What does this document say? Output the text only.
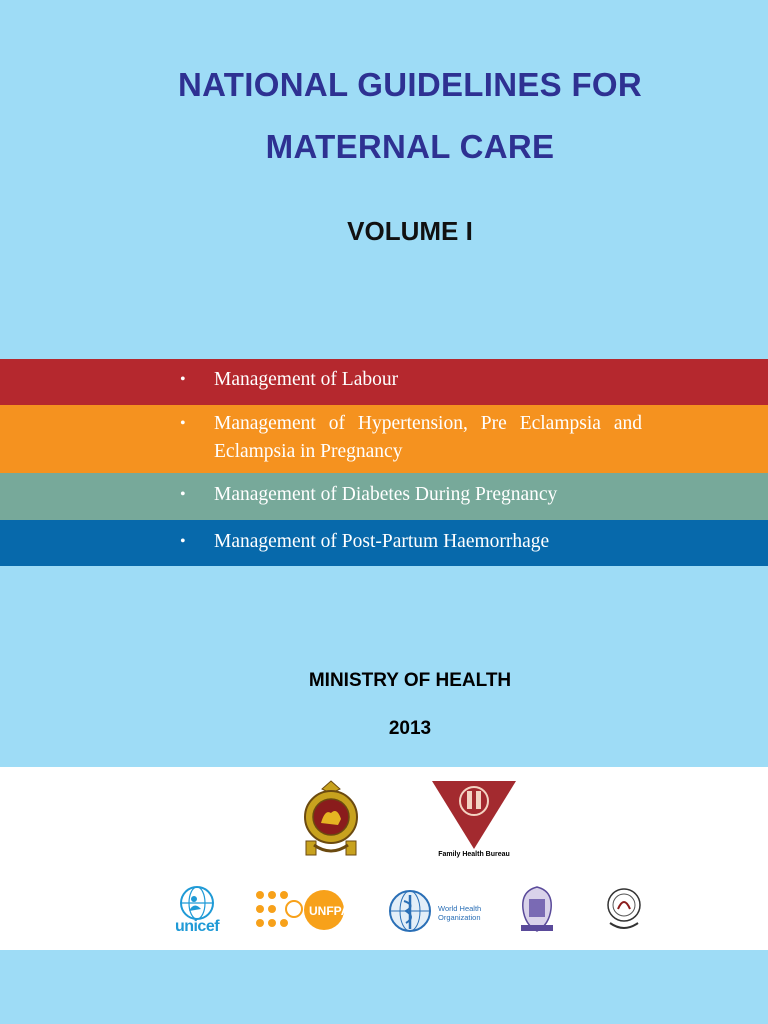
NATIONAL GUIDELINES FOR
MATERNAL CARE
VOLUME I
• Management of Labour
• Management of Hypertension, Pre Eclampsia and Eclampsia in Pregnancy
• Management of Diabetes During Pregnancy
• Management of Post-Partum Haemorrhage
MINISTRY OF HEALTH
2013
Family Health Bureau
unicef
UNFPA	World Health
Organization
